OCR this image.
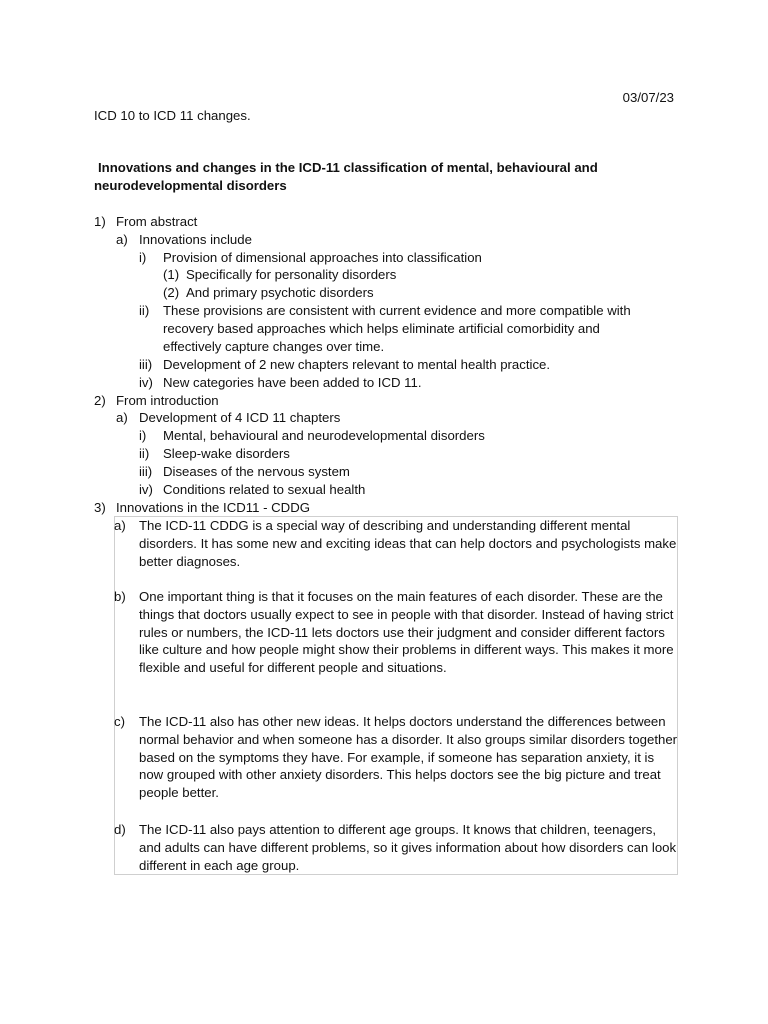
03/07/23
ICD 10 to ICD 11 changes.
Innovations and changes in the ICD-11 classification of mental, behavioural and
neurodevelopmental disorders
1) From abstract
a) Innovations include
i) Provision of dimensional approaches into classification
(1) Specifically for personality disorders
(2) And primary psychotic disorders
ii) These provisions are consistent with current evidence and more compatible with
recovery based approaches which helps eliminate artificial comorbidity and
effectively capture changes over time.
iii) Development of 2 new chapters relevant to mental health practice.
iv) New categories have been added to ICD 11.
2) From introduction
a) Development of 4 ICD 11 chapters
i) Mental, behavioural and neurodevelopmental disorders
ii) Sleep-wake disorders
iii) Diseases of the nervous system
iv) Conditions related to sexual health
3) Innovations in the ICD11 - CDDG
a) The ICD-11 CDDG is a special way of describing and understanding different mental disorders. It has some new and exciting ideas that can help doctors and psychologists make better diagnoses.
b) One important thing is that it focuses on the main features of each disorder. These are the things that doctors usually expect to see in people with that disorder. Instead of having strict rules or numbers, the ICD-11 lets doctors use their judgment and consider different factors like culture and how people might show their problems in different ways. This makes it more flexible and useful for different people and situations.
c) The ICD-11 also has other new ideas. It helps doctors understand the differences between normal behavior and when someone has a disorder. It also groups similar disorders together based on the symptoms they have. For example, if someone has separation anxiety, it is now grouped with other anxiety disorders. This helps doctors see the big picture and treat people better.
d) The ICD-11 also pays attention to different age groups. It knows that children, teenagers, and adults can have different problems, so it gives information about how disorders can look different in each age group.
